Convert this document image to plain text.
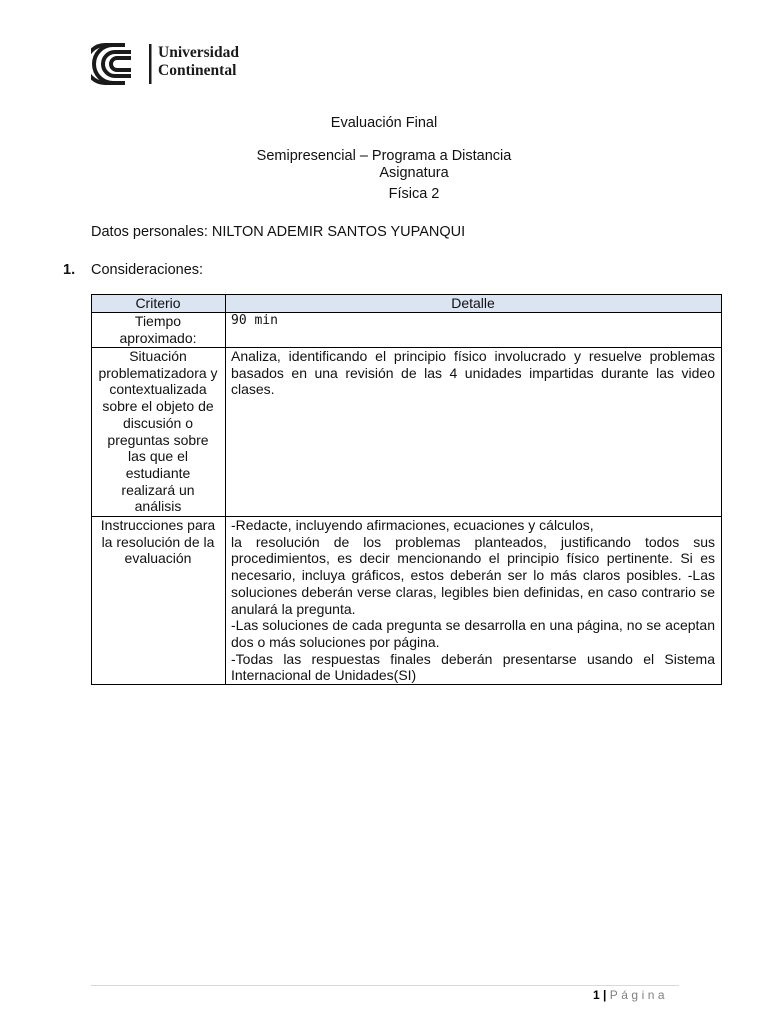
Universidad
Continental
Evaluación Final
Semipresencial – Programa a Distancia
Asignatura
Física 2
Datos personales: NILTON ADEMIR SANTOS YUPANQUI
1. Consideraciones:
Criterio	Detalle
Tiempo aproximado:	90 min
Situación problematizadora y contextualizada sobre el objeto de discusión o preguntas sobre las que el estudiante realizará un análisis	Analiza, identificando el principio físico involucrado y resuelve problemas basados en una revisión de las 4 unidades impartidas durante las video clases.
Instrucciones para la resolución de la evaluación	-Redacte, incluyendo afirmaciones, ecuaciones y cálculos,
la resolución de los problemas planteados, justificando todos sus procedimientos, es decir mencionando el principio físico pertinente. Si es necesario, incluya gráficos, estos deberán ser lo más claros posibles. -Las soluciones deberán verse claras, legibles bien definidas, en caso contrario se anulará la pregunta.
-Las soluciones de cada pregunta se desarrolla en una página, no se aceptan dos o más soluciones por página.
-Todas las respuestas finales deberán presentarse usando el Sistema Internacional de Unidades(SI)
1 | Página
